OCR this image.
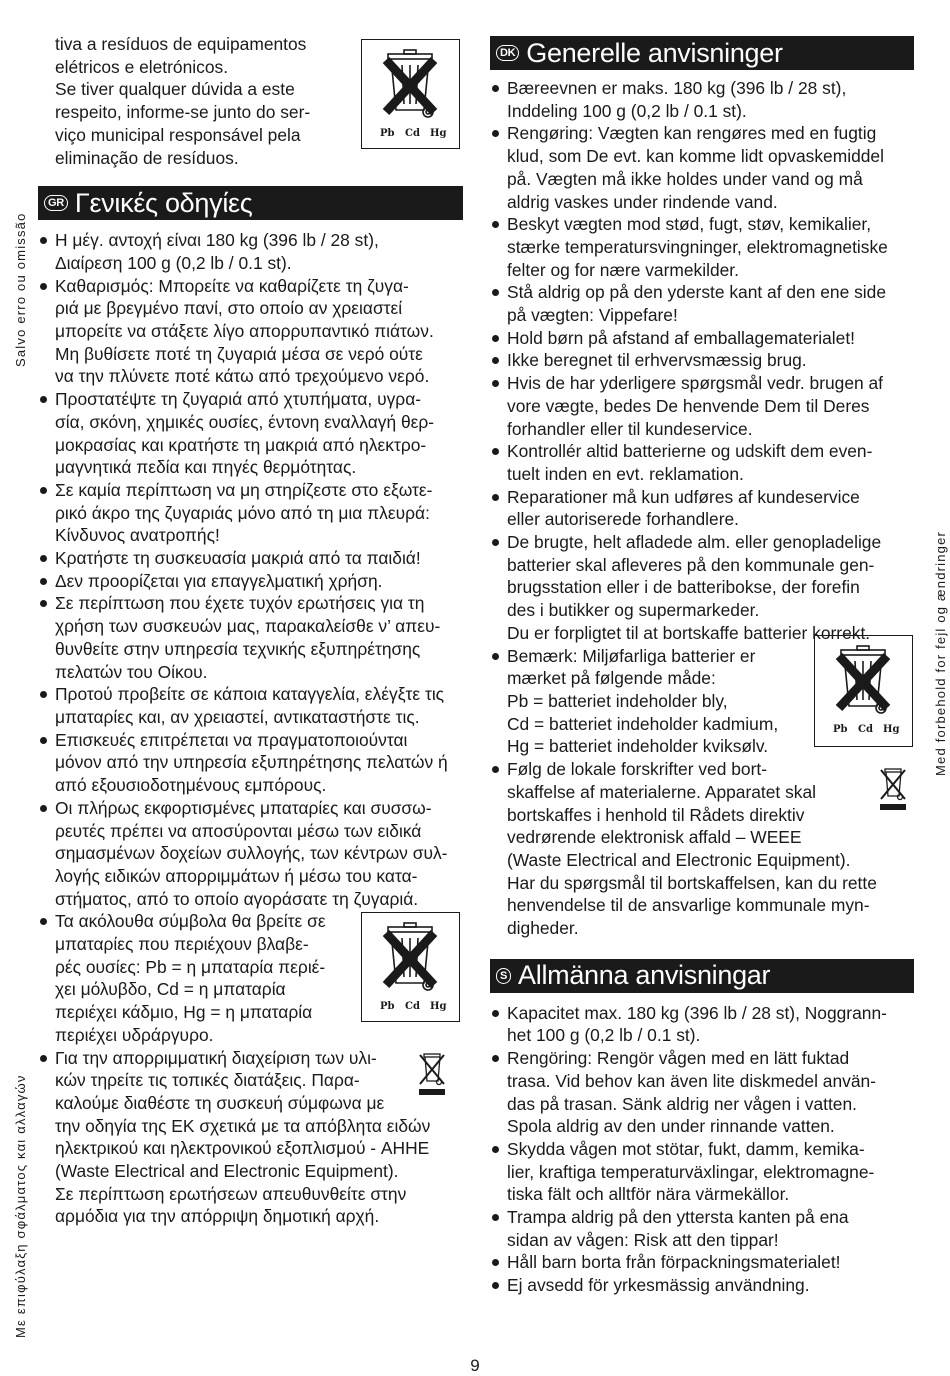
Salvo erro ou omissão
Με επιφύλαξη σφάλματος και αλλαγών
Med forbehold for fejl og ændringer
Pb Cd Hg

tiva a resíduos de equipamentos

elétricos e eletrónicos.

Se tiver qualquer dúvida a este

respeito, informe-se junto do ser-

viço municipal responsável pela

eliminação de resíduos.

GR Γενικές οδηγίες

Η μέγ. αντοχή είναι 180 kg (396 lb / 28 st),

Διαίρεση 100 g (0,2 lb / 0.1 st).

Καθαρισμός: Μπορείτε να καθαρίζετε τη ζυγα-

ριά με βρεγμένο πανί, στο οποίο αν χρειαστεί

μπορείτε να στάξετε λίγο απορρυπαντικό πιάτων.

Μη βυθίσετε ποτέ τη ζυγαριά μέσα σε νερό ούτε

να την πλύνετε ποτέ κάτω από τρεχούμενο νερό.

Προστατέψτε τη ζυγαριά από χτυπήματα, υγρα-

σία, σκόνη, χημικές ουσίες, έντονη εναλλαγή θερ-

μοκρασίας και κρατήστε τη μακριά από ηλεκτρο-

μαγνητικά πεδία και πηγές θερμότητας.

Σε καμία περίπτωση να μη στηρίζεστε στο εξωτε-

ρικό άκρο της ζυγαριάς μόνο από τη μια πλευρά:

Κίνδυνος ανατροπής!

Κρατήστε τη συσκευασία μακριά από τα παιδιά!

Δεν προορίζεται για επαγγελματική χρήση.

Σε περίπτωση που έχετε τυχόν ερωτήσεις για τη

χρήση των συσκευών μας, παρακαλείσθε ν’ απευ-

θυνθείτε στην υπηρεσία τεχνικής εξυπηρέτησης

πελατών του Οίκου.

Προτού προβείτε σε κάποια καταγγελία, ελέγξτε τις

μπαταρίες και, αν χρειαστεί, αντικαταστήστε τις.

Επισκευές επιτρέπεται να πραγματοποιούνται

μόνον από την υπηρεσία εξυπηρέτησης πελατών ή

από εξουσιοδοτημένους εμπόρους.

Οι πλήρως εκφορτισμένες μπαταρίες και συσσω-

ρευτές πρέπει να αποσύρονται μέσω των ειδικά

σημασμένων δοχείων συλλογής, των κέντρων συλ-

λογής ειδικών απορριμμάτων ή μέσω του κατα-

στήματος, από το οποίο αγοράσατε τη ζυγαριά.

Pb Cd Hg

Τα ακόλουθα σύμβολα θα βρείτε σε

μπαταρίες που περιέχουν βλαβε-

ρές ουσίες: Pb = η μπαταρία περιέ-

χει μόλυβδο, Cd = η μπαταρία

περιέχει κάδμιο, Hg = η μπαταρία

περιέχει υδράργυρο.

Για την απορριμματική διαχείριση των υλι-

κών τηρείτε τις τοπικές διατάξεις. Παρα-

καλούμε διαθέστε τη συσκευή σύμφωνα με

την οδηγία της ΕΚ σχετικά με τα απόβλητα ειδών

ηλεκτρικού και ηλεκτρονικού εξοπλισμού - AHHE

(Waste Electrical and Electronic Equipment).

Σε περίπτωση ερωτήσεων απευθυνθείτε στην

αρμόδια για την απόρριψη δημοτική αρχή.

DK Generelle anvisninger

Bæreevnen er maks. 180 kg (396 lb / 28 st),

Inddeling 100 g (0,2 lb / 0.1 st).

Rengøring: Vægten kan rengøres med en fugtig

klud, som De evt. kan komme lidt opvaskemiddel

på. Vægten må ikke holdes under vand og må

aldrig vaskes under rindende vand.

Beskyt vægten mod stød, fugt, støv, kemikalier,

stærke temperatursvingninger, elektromagnetiske

felter og for nære varmekilder.

Stå aldrig op på den yderste kant af den ene side

på vægten: Vippefare!

Hold børn på afstand af emballagematerialet!

Ikke beregnet til erhvervsmæssig brug.

Hvis de har yderligere spørgsmål vedr. brugen af

vore vægte, bedes De henvende Dem til Deres

forhandler eller til kundeservice.

Kontrollér altid batterierne og udskift dem even-

tuelt inden en evt. reklamation.

Reparationer må kun udføres af kundeservice

eller autoriserede forhandlere.

De brugte, helt afladede alm. eller genopladelige

batterier skal afleveres på den kommunale gen-

brugsstation eller i de batteribokse, der forefin

des i butikker og supermarkeder.

Du er forpligtet til at bortskaffe batterier korrekt.

Pb Cd Hg

Bemærk: Miljøfarliga batterier er

mærket på følgende måde:

Pb = batteriet indeholder bly,

Cd = batteriet indeholder kadmium,

Hg = batteriet indeholder kviksølv.

Følg de lokale forskrifter ved bort-

skaffelse af materialerne. Apparatet skal

bortskaffes i henhold til Rådets direktiv

vedrørende elektronisk affald – WEEE

(Waste Electrical and Electronic Equipment).

Har du spørgsmål til bortskaffelsen, kan du rette

henvendelse til de ansvarlige kommunale myn-

digheder.

S Allmänna anvisningar

Kapacitet max. 180 kg (396 lb / 28 st), Noggrann-

het 100 g (0,2 lb / 0.1 st).

Rengöring: Rengör vågen med en lätt fuktad

trasa. Vid behov kan även lite diskmedel använ-

das på trasan. Sänk aldrig ner vågen i vatten.

Spola aldrig av den under rinnande vatten.

Skydda vågen mot stötar, fukt, damm, kemika-

lier, kraftiga temperaturväxlingar, elektromagne-

tiska fält och alltför nära värmekällor.

Trampa aldrig på den yttersta kanten på ena

sidan av vågen: Risk att den tippar!

Håll barn borta från förpackningsmaterialet!

Ej avsedd för yrkesmässig användning.

9
